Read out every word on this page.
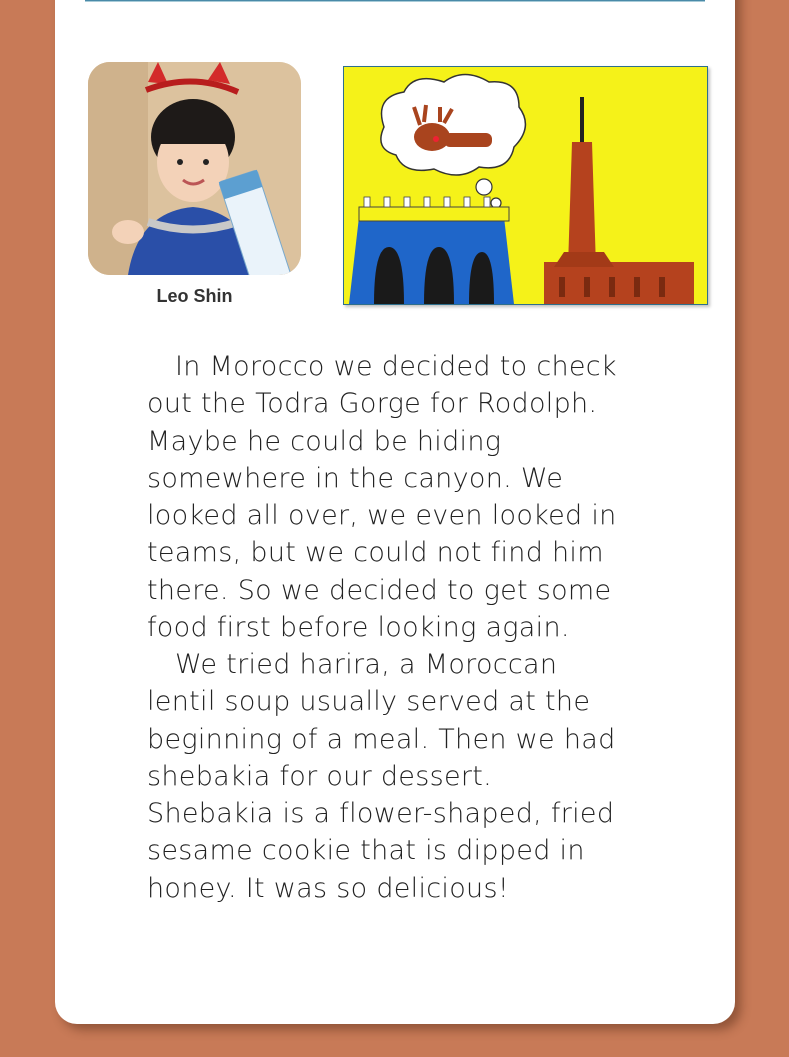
Leo Shin

In Morocco we decided to check out the Todra Gorge for Rodolph. Maybe he could be hiding somewhere in the canyon. We looked all over, we even looked in teams, but we could not find him there. So we decided to get some food first before looking again.

We tried harira, a Moroccan lentil soup usually served at the beginning of a meal. Then we had shebakia for our dessert. Shebakia is a flower-shaped, fried sesame cookie that is dipped in honey. It was so delicious!
